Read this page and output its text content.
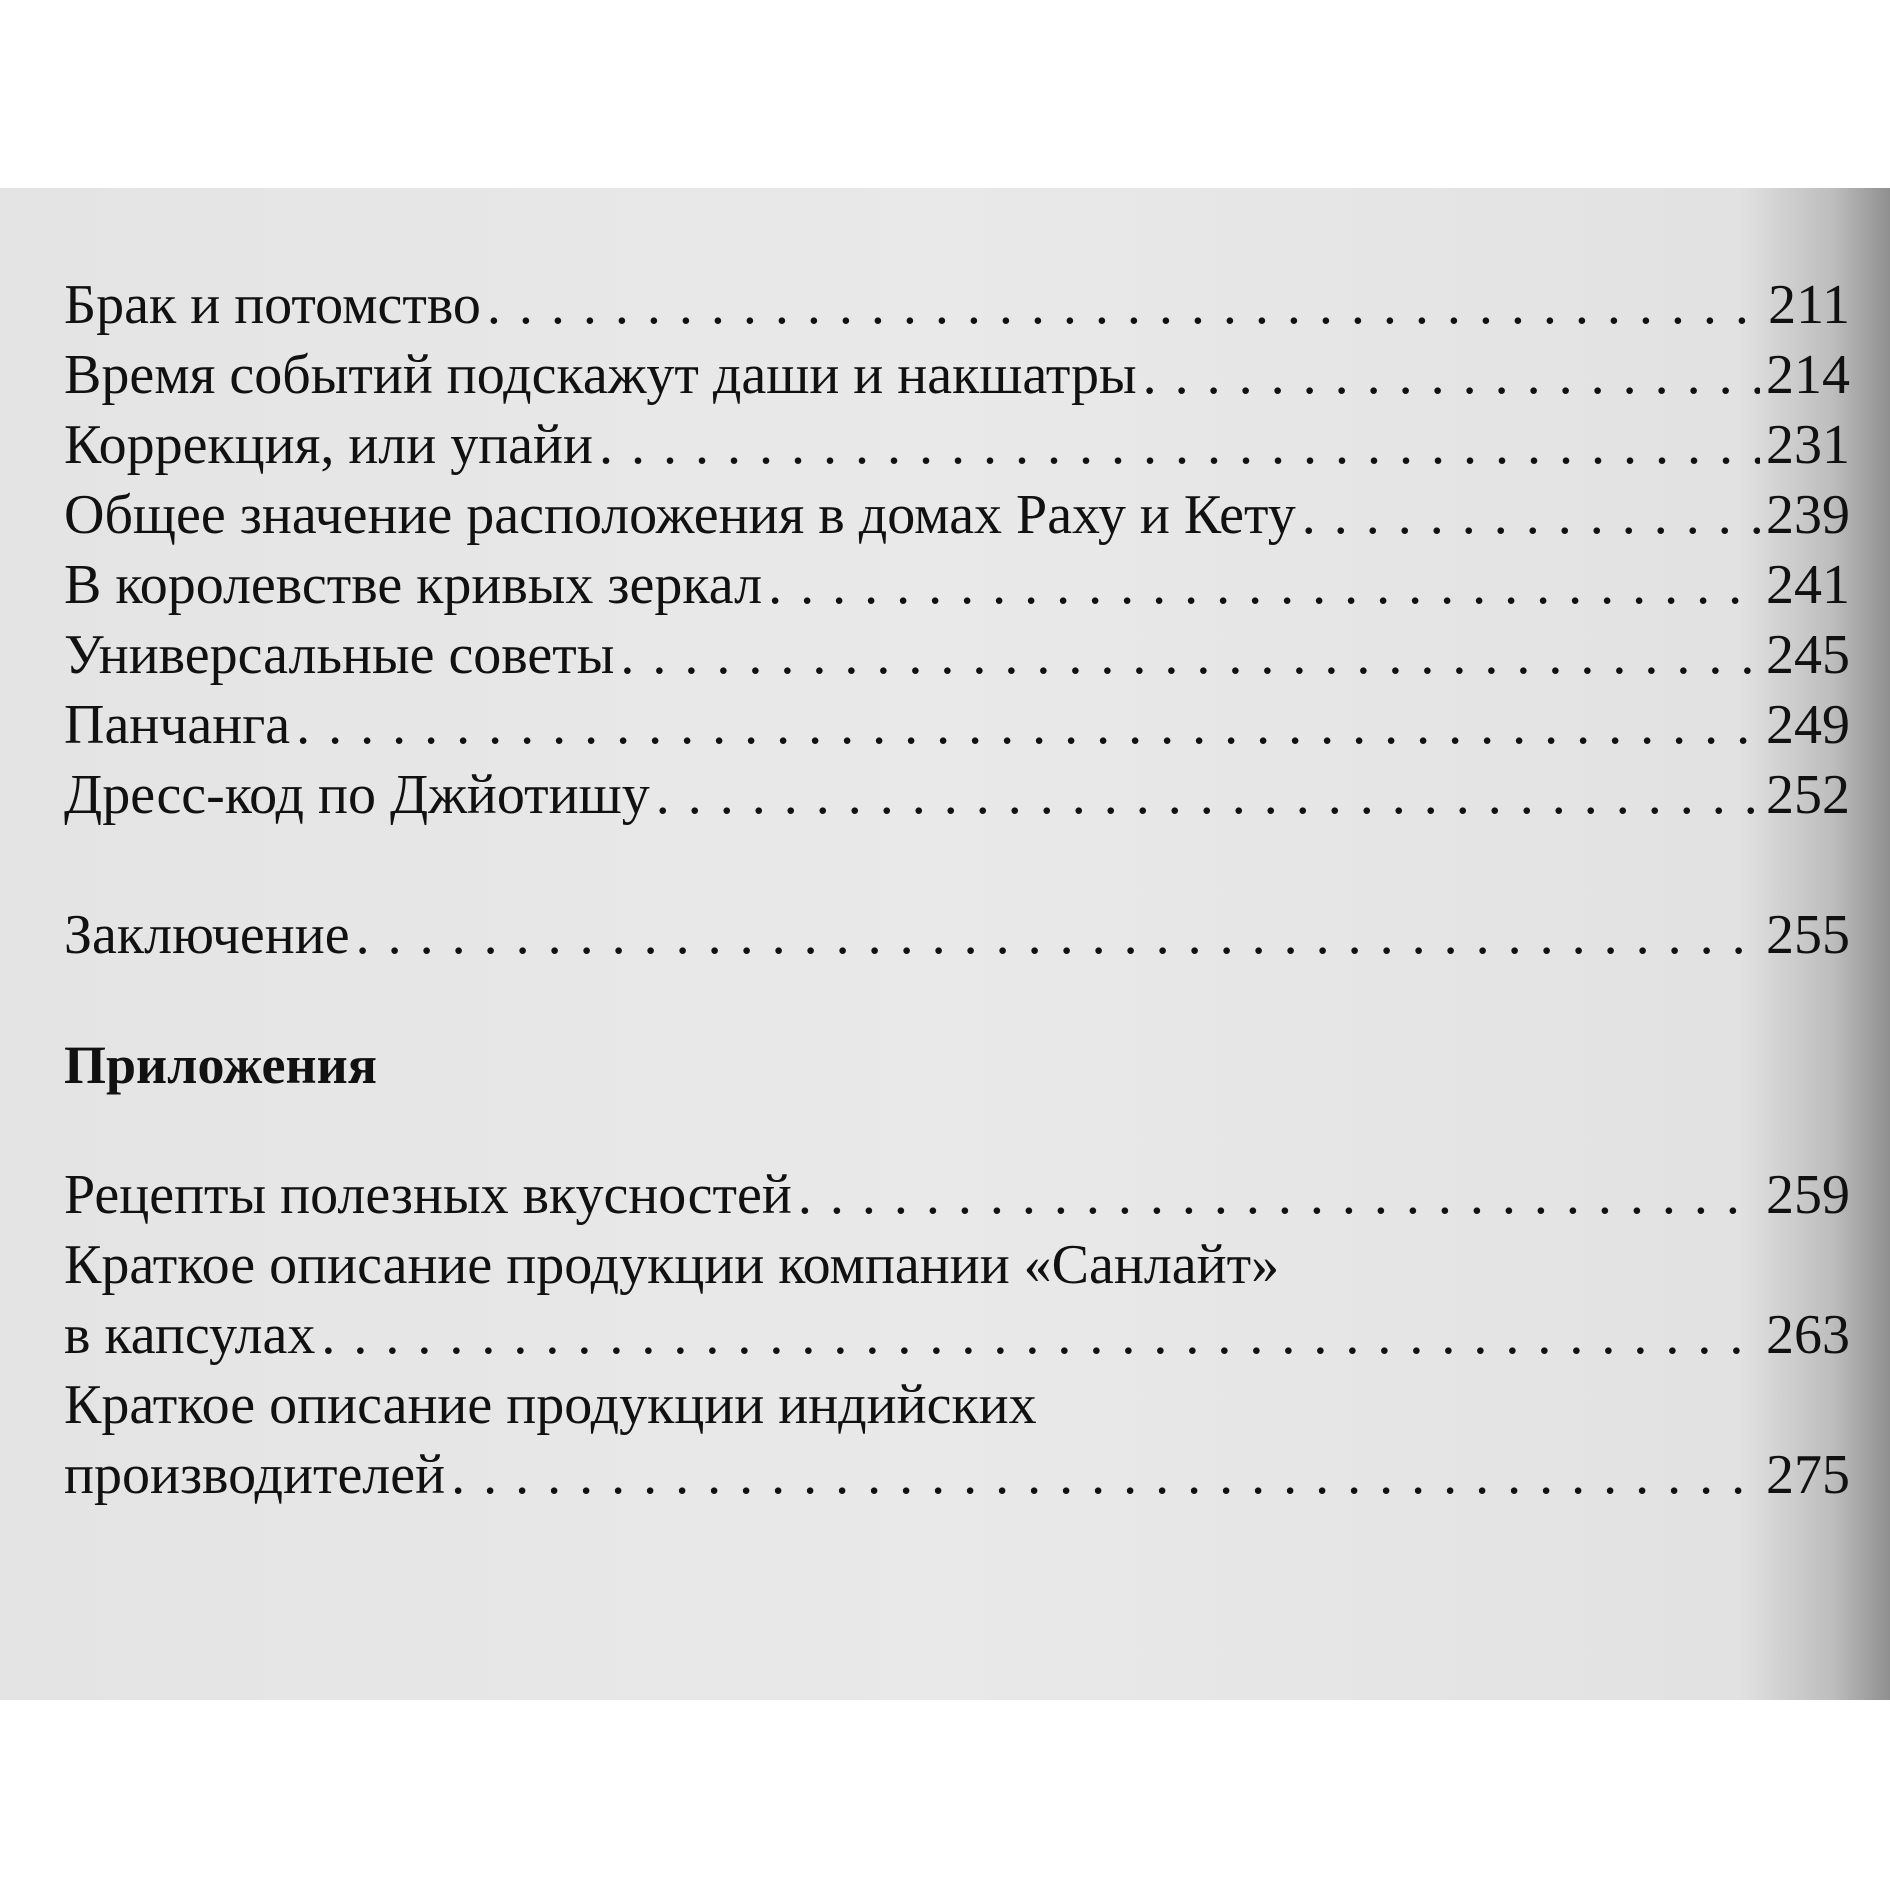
Брак и потомство . . .	211
Время событий подскажут даши и накшатры . . .	214
Коррекция, или упайи . . .	231
Общее значение расположения в домах Раху и Кету . . .	239
В королевстве кривых зеркал . . .	241
Универсальные советы . . .	245
Панчанга . . .	249
Дресс-код по Джйотишу . . .	252
Заключение . . .	255
Приложения
Рецепты полезных вкусностей . . .	259
Краткое описание продукции компании «Санлайт»
в капсулах . . .	263
Краткое описание продукции индийских
производителей . . .	275
